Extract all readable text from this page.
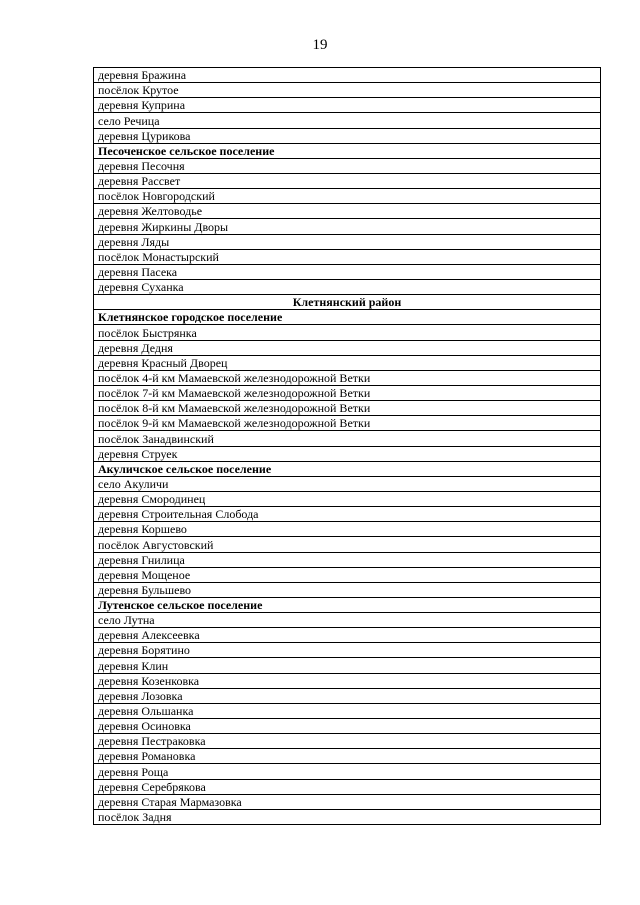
19
деревня Бражина
посёлок Крутое
деревня Куприна
село Речица
деревня Цурикова
Песоченское сельское поселение
деревня Песочня
деревня Рассвет
посёлок Новгородский
деревня Желтоводье
деревня Жиркины Дворы
деревня Ляды
посёлок Монастырский
деревня Пасека
деревня Суханка
Клетнянский район
Клетнянское городское поселение
посёлок Быстрянка
деревня Дедня
деревня Красный Дворец
посёлок 4-й км Мамаевской железнодорожной Ветки
посёлок 7-й км Мамаевской железнодорожной Ветки
посёлок 8-й км Мамаевской железнодорожной Ветки
посёлок 9-й км Мамаевской железнодорожной Ветки
посёлок Занадвинский
деревня Струек
Акуличское сельское поселение
село Акуличи
деревня Смородинец
деревня Строительная Слобода
деревня Коршево
посёлок Августовский
деревня Гнилица
деревня Мощеное
деревня Бульшево
Лутенское сельское поселение
село Лутна
деревня Алексеевка
деревня Борятино
деревня Клин
деревня Козенковка
деревня Лозовка
деревня Ольшанка
деревня Осиновка
деревня Пестраковка
деревня Романовка
деревня Роща
деревня Серебрякова
деревня Старая Мармазовка
посёлок Задня
